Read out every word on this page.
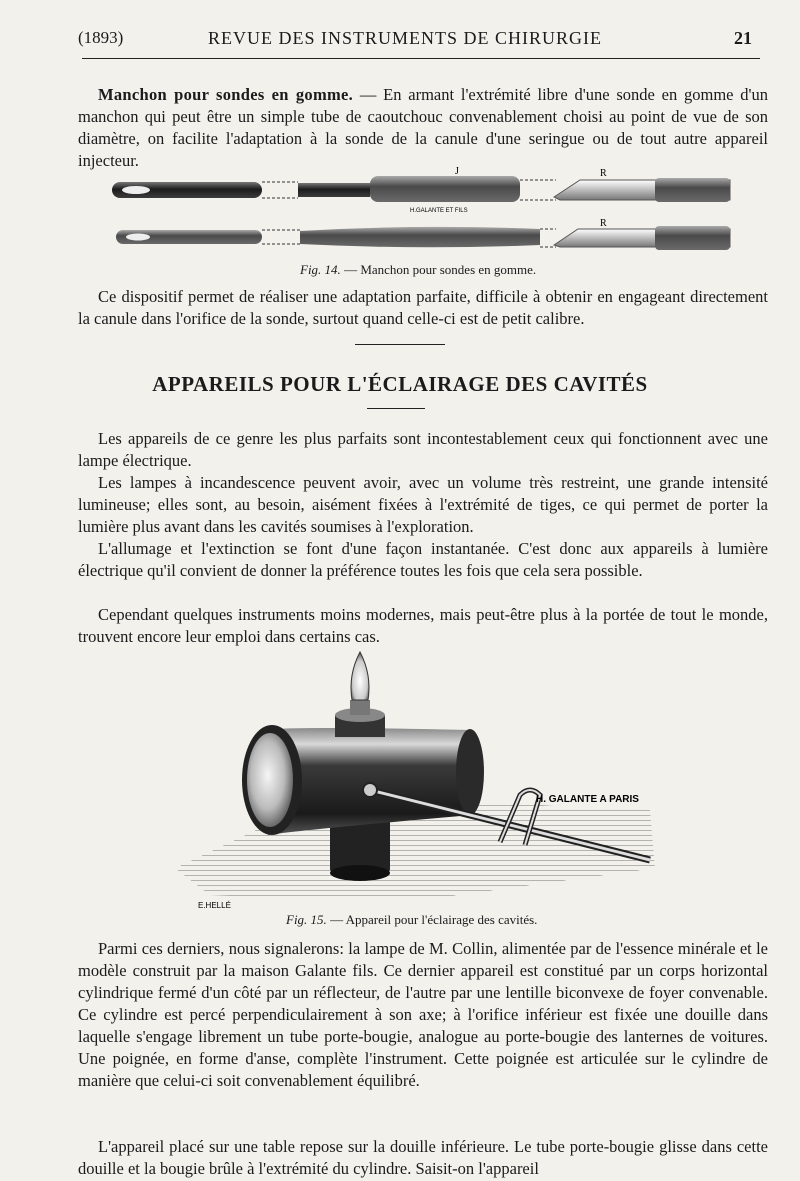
(1893)	REVUE DES INSTRUMENTS DE CHIRURGIE	21
Manchon pour sondes en gomme. — En armant l'extrémité libre d'une sonde en gomme d'un manchon qui peut être un simple tube de caoutchouc convenablement choisi au point de vue de son diamètre, on facilite l'adaptation à la sonde de la canule d'une seringue ou de tout autre appareil injecteur.
J	R
R
H.GALANTE ET FILS
Fig. 14. — Manchon pour sondes en gomme.
Ce dispositif permet de réaliser une adaptation parfaite, difficile à obtenir en engageant directement la canule dans l'orifice de la sonde, surtout quand celle-ci est de petit calibre.
APPAREILS POUR L'ÉCLAIRAGE DES CAVITÉS
Les appareils de ce genre les plus parfaits sont incontestablement ceux qui fonctionnent avec une lampe électrique.
Les lampes à incandescence peuvent avoir, avec un volume très restreint, une grande intensité lumineuse; elles sont, au besoin, aisément fixées à l'extrémité de tiges, ce qui permet de porter la lumière plus avant dans les cavités soumises à l'exploration.
L'allumage et l'extinction se font d'une façon instantanée. C'est donc aux appareils à lumière électrique qu'il convient de donner la préférence toutes les fois que cela sera possible.
Cependant quelques instruments moins modernes, mais peut-être plus à la portée de tout le monde, trouvent encore leur emploi dans certains cas.
H. GALANTE A PARIS
E.HELLÉ
Fig. 15. — Appareil pour l'éclairage des cavités.
Parmi ces derniers, nous signalerons: la lampe de M. Collin, alimentée par de l'essence minérale et le modèle construit par la maison Galante fils. Ce dernier appareil est constitué par un corps horizontal cylindrique fermé d'un côté par un réflecteur, de l'autre par une lentille biconvexe de foyer convenable. Ce cylindre est percé perpendiculairement à son axe; à l'orifice inférieur est fixée une douille dans laquelle s'engage librement un tube porte-bougie, analogue au porte-bougie des lanternes de voitures. Une poignée, en forme d'anse, complète l'instrument. Cette poignée est articulée sur le cylindre de manière que celui-ci soit convenablement équilibré.
L'appareil placé sur une table repose sur la douille inférieure. Le tube porte-bougie glisse dans cette douille et la bougie brûle à l'extrémité du cylindre. Saisit-on l'appareil
